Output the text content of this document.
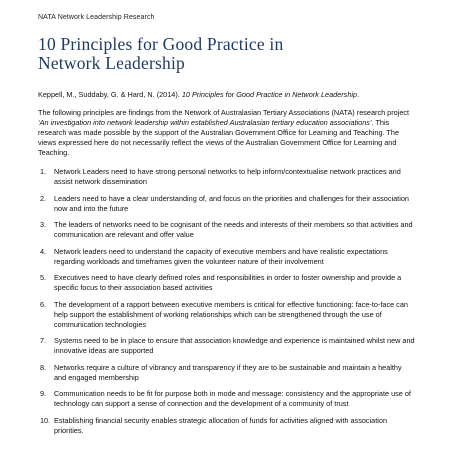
NATA Network Leadership Research
10 Principles for Good Practice in
Network Leadership

Keppell, M., Suddaby, G. & Hard, N. (2014). 10 Principles for Good Practice in Network Leadership.

The following principles are findings from the Network of Australasian Tertiary Associations (NATA) research project ‘An investigation into network leadership within established Australasian tertiary education associations’. This research was made possible by the support of the Australian Government Office for Learning and Teaching. The views expressed here do not necessarily reflect the views of the Australian Government Office for Learning and Teaching.

1.	Network Leaders need to have strong personal networks to help inform/contextualise network practices and assist network dissemination
2.	Leaders need to have a clear understanding of, and focus on the priorities and challenges for their association now and into the future
3.	The leaders of networks need to be cognisant of the needs and interests of their members so that activities and communication are relevant and offer value
4.	Network leaders need to understand the capacity of executive members and have realistic expectations regarding workloads and timeframes given the volunteer nature of their involvement
5.	Executives need to have clearly defined roles and responsibilities in order to foster ownership and provide a specific focus to their association based activities
6.	The development of a rapport between executive members is critical for effective functioning: face-to-face can help support the establishment of working relationships which can be strengthened through the use of communication technologies
7.	Systems need to be in place to ensure that association knowledge and experience is maintained whilst new and innovative ideas are supported
8.	Networks require a culture of vibrancy and transparency if they are to be sustainable and maintain a healthy and engaged membership
9.	Communication needs to be fit for purpose both in mode and message: consistency and the appropriate use of technology can support a sense of connection and the development of a community of trust
10. Establishing financial security enables strategic allocation of funds for activities aligned with association priorities.
